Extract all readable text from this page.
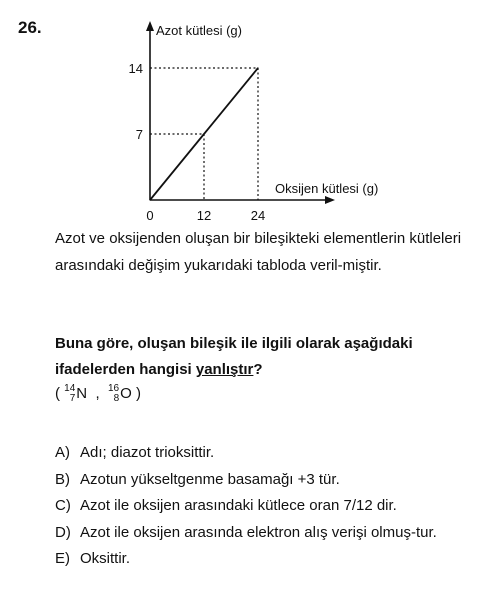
26.	Azot kütlesi (g)
Oksijen kütlesi (g)
0	12	24
7
14

Azot ve oksijenden oluşan bir bileşikteki elementlerin kütleleri arasındaki değişim yukarıdaki tabloda veril-miştir.

Buna göre, oluşan bileşik ile ilgili olarak aşağıdaki ifadelerden hangisi yanlıştır?

( 14
7 N  , 16
8 O )
A) Adı; diazot trioksittir.
B) Azotun yükseltgenme basamağı +3 tür.
C) Azot ile oksijen arasındaki kütlece oran 7/12 dir.
D) Azot ile oksijen arasında elektron alış verişi olmuş-tur.
E) Oksittir.
